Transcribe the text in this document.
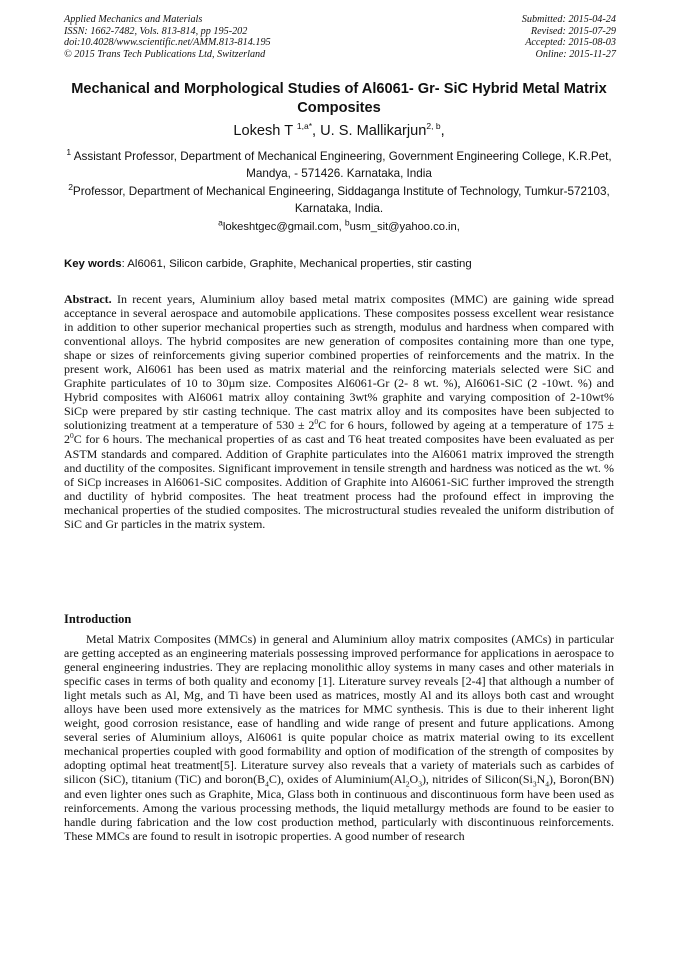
Applied Mechanics and Materials
ISSN: 1662-7482, Vols. 813-814, pp 195-202
doi:10.4028/www.scientific.net/AMM.813-814.195
© 2015 Trans Tech Publications Ltd, Switzerland
Submitted: 2015-04-24
Revised: 2015-07-29
Accepted: 2015-08-03
Online: 2015-11-27
Mechanical and Morphological Studies of Al6061- Gr- SiC Hybrid Metal Matrix Composites
Lokesh T $^{1,a*}$, U. S. Mallikarjun$^{2, b}$,
$^1$ Assistant Professor, Department of Mechanical Engineering, Government Engineering College, K.R.Pet, Mandya, - 571426. Karnataka, India
$^2$Professor, Department of Mechanical Engineering, Siddaganga Institute of Technology, Tumkur-572103, Karnataka, India.
$^a$lokeshtgec@gmail.com, $^b$usm_sit@yahoo.co.in,
Key words: Al6061, Silicon carbide, Graphite, Mechanical properties, stir casting

Abstract. In recent years, Aluminium alloy based metal matrix composites (MMC) are gaining wide spread acceptance in several aerospace and automobile applications. These composites possess excellent wear resistance in addition to other superior mechanical properties such as strength, modulus and hardness when compared with conventional alloys. The hybrid composites are new generation of composites containing more than one type, shape or sizes of reinforcements giving superior combined properties of reinforcements and the matrix. In the present work, Al6061 has been used as matrix material and the reinforcing materials selected were SiC and Graphite particulates of 10 to 30µm size. Composites Al6061-Gr (2- 8 wt. %), Al6061-SiC (2 -10wt. %) and Hybrid composites with Al6061 matrix alloy containing 3wt% graphite and varying composition of 2-10wt% SiCp were prepared by stir casting technique. The cast matrix alloy and its composites have been subjected to solutionizing treatment at a temperature of $530 \pm 2^0C$ for 6 hours, followed by ageing at a temperature of $175 \pm 2^0C$ for 6 hours. The mechanical properties of as cast and T6 heat treated composites have been evaluated as per ASTM standards and compared. Addition of Graphite particulates into the Al6061 matrix improved the strength and ductility of the composites. Significant improvement in tensile strength and hardness was noticed as the wt. % of SiCp increases in Al6061-SiC composites. Addition of Graphite into Al6061-SiC further improved the strength and ductility of hybrid composites. The heat treatment process had the profound effect in improving the mechanical properties of the studied composites. The microstructural studies revealed the uniform distribution of SiC and Gr particles in the matrix system.

Introduction

Metal Matrix Composites (MMCs) in general and Aluminium alloy matrix composites (AMCs) in particular are getting accepted as an engineering materials possessing improved performance for applications in aerospace to general engineering industries. They are replacing monolithic alloy systems in many cases and other materials in specific cases in terms of both quality and economy [1]. Literature survey reveals [2-4] that although a number of light metals such as Al, Mg, and Ti have been used as matrices, mostly Al and its alloys both cast and wrought alloys have been used more extensively as the matrices for MMC synthesis. This is due to their inherent light weight, good corrosion resistance, ease of handling and wide range of present and future applications. Among several series of Aluminium alloys, Al6061 is quite popular choice as matrix material owing to its excellent mechanical properties coupled with good formability and option of modification of the strength of composites by adopting optimal heat treatment[5]. Literature survey also reveals that a variety of materials such as carbides of silicon (SiC), titanium (TiC) and $boron(B_4C)$, oxides of $Aluminium(Al_2O_3)$, nitrides of $Silicon(Si_3N_4)$, Boron(BN) and even lighter ones such as Graphite, Mica, Glass both in continuous and discontinuous form have been used as reinforcements. Among the various processing methods, the liquid metallurgy methods are found to be easier to handle during fabrication and the low cost production method, particularly with discontinuous reinforcements. These MMCs are found to result in isotropic properties. A good number of research
